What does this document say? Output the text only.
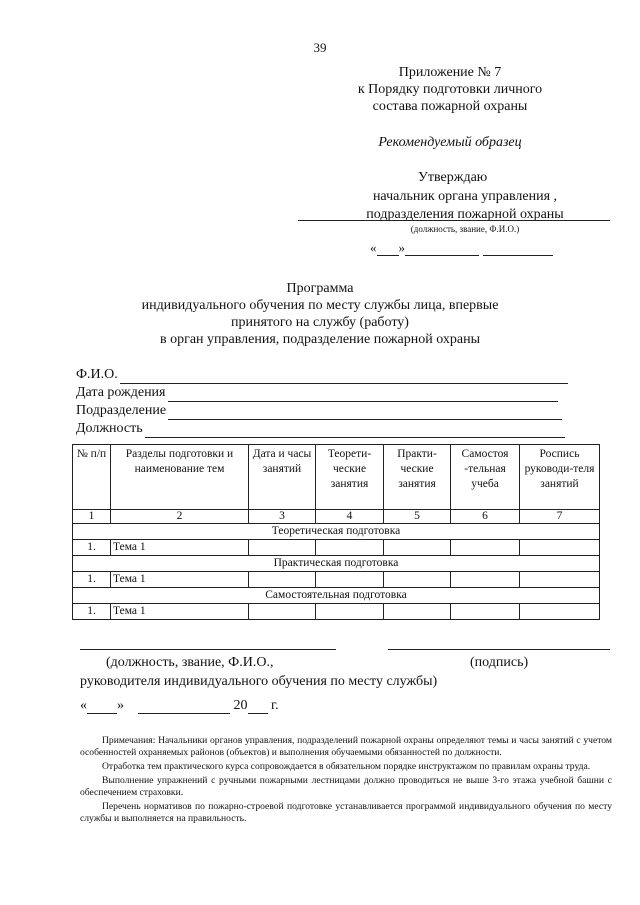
39
Приложение № 7
к Порядку подготовки личного
состава пожарной охраны
Рекомендуемый образец
Утверждаю
начальник органа управления ,
подразделения пожарной охраны
(должность, звание, Ф.И.О.)
« »
Программа
индивидуального обучения по месту службы лица, впервые
принятого на службу (работу)
в орган управления, подразделение пожарной охраны
Ф.И.О.
Дата рождения
Подразделение
Должность
№ п/п	Разделы подготовки и наименование тем	Дата и часы занятий	Теорети-ческие занятия	Практи-ческие занятия	Самостоя -тельная учеба	Роспись руководи-теля занятий
1	2	3	4	5	6	7
Теоретическая подготовка						
1.	Тема 1					
Практическая подготовка						
1.	Тема 1					
Самостоятельная подготовка						
1.	Тема 1					
(должность, звание, Ф.И.О.,	(подпись)
руководителя индивидуального обучения по месту службы)
« »	20 г.

Примечания: Начальники органов управления, подразделений пожарной охраны определяют темы и часы занятий с учетом особенностей охраняемых районов (объектов) и выполнения обучаемыми обязанностей по должности.

Отработка тем практического курса сопровождается в обязательном порядке инструктажом по правилам охраны труда.

Выполнение упражнений с ручными пожарными лестницами должно проводиться не выше 3-го этажа учебной башни с обеспечением страховки.

Перечень нормативов по пожарно-строевой подготовке устанавливается программой индивидуального обучения по месту службы и выполняется на правильность.
